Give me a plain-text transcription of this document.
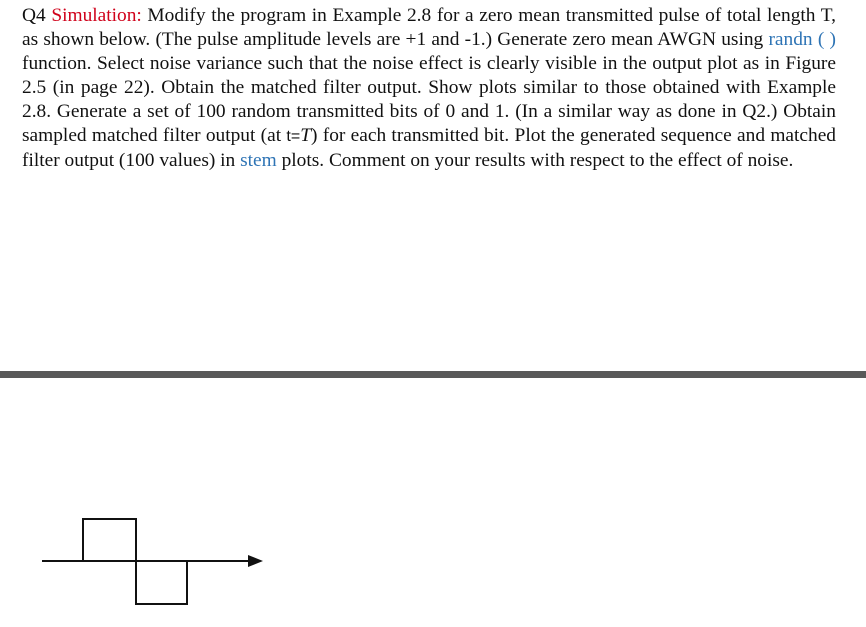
Q4 Simulation: Modify the program in Example 2.8 for a zero mean transmitted pulse of total length T, as shown below. (The pulse amplitude levels are +1 and -1.) Generate zero mean AWGN using randn ( ) function. Select noise variance such that the noise effect is clearly visible in the output plot as in Figure 2.5 (in page 22). Obtain the matched filter output. Show plots similar to those obtained with Example 2.8. Generate a set of 100 random transmitted bits of 0 and 1. (In a similar way as done in Q2.) Obtain sampled matched filter output (at t=T) for each transmitted bit. Plot the generated sequence and matched filter output (100 values) in stem plots. Comment on your results with respect to the effect of noise.
